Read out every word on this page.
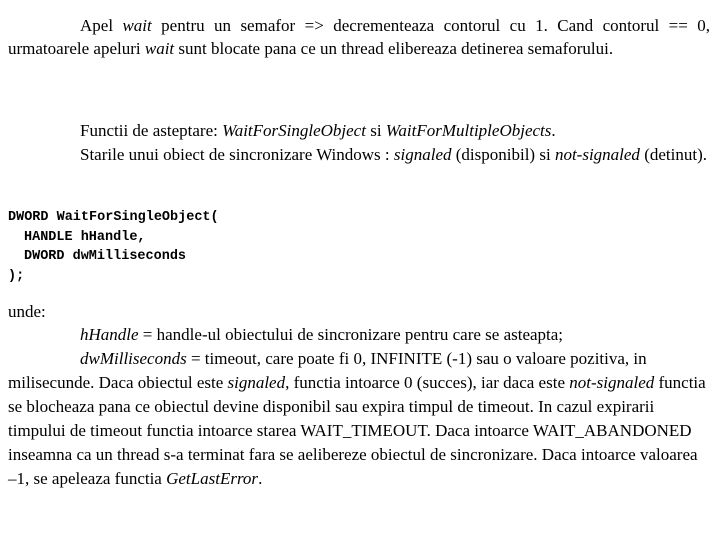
Apel wait pentru un semafor => decrementeaza contorul cu 1. Cand contorul == 0, urmatoarele apeluri wait sunt blocate pana ce un thread elibereaza detinerea semaforului.

Functii de asteptare: WaitForSingleObject si WaitForMultipleObjects.

Starile unui obiect de sincronizare Windows : signaled (disponibil) si not-signaled (detinut).

DWORD WaitForSingleObject(
HANDLE hHandle,
DWORD dwMilliseconds
);

unde:

hHandle = handle-ul obiectului de sincronizare pentru care se asteapta;

dwMilliseconds = timeout, care poate fi 0, INFINITE (-1) sau o valoare pozitiva, in milisecunde. Daca obiectul este signaled, functia intoarce 0 (succes), iar daca este not-signaled functia se blocheaza pana ce obiectul devine disponibil sau expira timpul de timeout. In cazul expirarii timpului de timeout functia intoarce starea WAIT_TIMEOUT. Daca intoarce WAIT_ABANDONED inseamna ca un thread s-a terminat fara se aelibereze obiectul de sincronizare. Daca intoarce valoarea –1, se apeleaza functia GetLastError.
